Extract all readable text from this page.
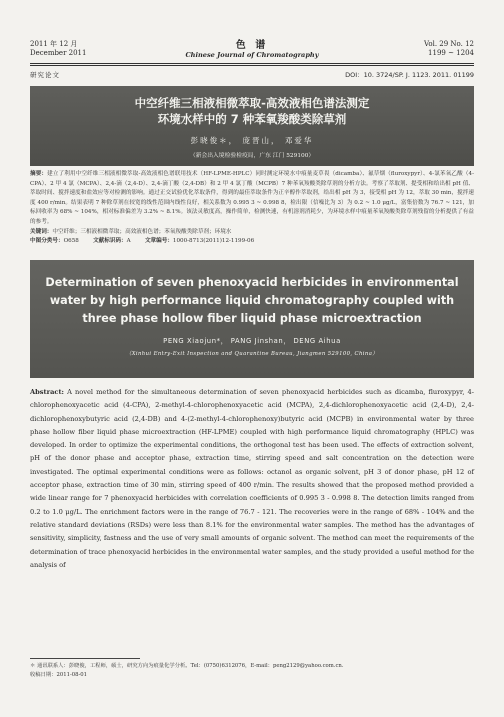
2011 年 12 月
December 2011
色 谱
Chinese Journal of Chromatography
Vol. 29 No. 12
1199 ~ 1204
研究论文	DOI：10. 3724/SP. J. 1123. 2011. 01199
中空纤维三相液相微萃取-高效液相色谱法测定
环境水样中的 7 种苯氧羧酸类除草剂
彭晓俊＊， 庞晋山， 邓爱华
（新会出入境检验检疫局，广东 江门 529100）

摘要：建立了利用中空纤维三相液相微萃取-高效液相色谱联用技术（HF-LPME-HPLC）同时测定环境水中痕量麦草畏（dicamba）、氟草烟（fluroxypyr）、4-氯苯氧乙酸（4-CPA）、2 甲 4 氯（MCPA）、2,4-滴（2,4-D）、2,4-滴丁酸（2,4-DB）和 2 甲 4 氯丁酸（MCPB）7 种苯氧羧酸类除草剂的分析方法。考察了萃取剂、提受相和给出相 pH 值、萃取时间、搅拌速度和盐效应等对检测的影响。通过正交试验优化萃取条件，得到的最佳萃取条件为正辛醇作萃取剂，给出相 pH 为 3，接受相 pH 为 12，萃取 30 min，搅拌速度 400 r/min。结果表明 7 种除草剂在较宽的线性范围内线性良好，相关系数为 0.995 3 ~ 0.998 8，检出限（信噪比为 3）为 0.2 ~ 1.0 μg/L，富集倍数为 76.7 ~ 121，加标回收率为 68% ~ 104%，相对标准偏差为 3.2% ~ 8.1%。该法灵敏度高，操作简单，检测快速，有机溶剂消耗少，为环境水样中痕量苯氧羧酸类除草剂残留的分析提供了有益的参考。

关键词：中空纤维；三相液相微萃取；高效液相色谱；苯氧羧酸类除草剂；环境水

中图分类号：O658	文献标识码：A	文章编号：1000-8713(2011)12-1199-06

Determination of seven phenoxyacid herbicides in environmental
water by high performance liquid chromatography coupled with
three phase hollow fiber liquid phase microextraction
PENG Xiaojun*， PANG Jinshan， DENG Aihua
（Xinhui Entry-Exit Inspection and Quarantine Bureau, Jiangmen 529100, China）

Abstract: A novel method for the simultaneous determination of seven phenoxyacid herbicides such as dicamba, fluroxypyr, 4-chlorophenoxyacetic acid (4-CPA), 2-methyl-4-chlorophenoxyacetic acid (MCPA), 2,4-dichlorophenoxyacetic acid (2,4-D), 2,4-dichlorophenoxybutyric acid (2,4-DB) and 4-(2-methyl-4-chlorophenoxy)butyric acid (MCPB) in environmental water by three phase hollow fiber liquid phase microextraction (HF-LPME) coupled with high performance liquid chromatography (HPLC) was developed. In order to optimize the experimental conditions, the orthogonal test has been used. The effects of extraction solvent, pH of the donor phase and acceptor phase, extraction time, stirring speed and salt concentration on the detection were investigated. The optimal experimental conditions were as follows: octanol as organic solvent, pH 3 of donor phase, pH 12 of acceptor phase, extraction time of 30 min, stirring speed of 400 r/min. The results showed that the proposed method provided a wide linear range for 7 phenoxyacid herbicides with correlation coefficients of 0.995 3 - 0.998 8. The detection limits ranged from 0.2 to 1.0 μg/L. The enrichment factors were in the range of 76.7 - 121. The recoveries were in the range of 68% - 104% and the relative standard deviations (RSDs) were less than 8.1% for the environmental water samples. The method has the advantages of sensitivity, simplicity, fastness and the use of very small amounts of organic solvent. The method can meet the requirements of the determination of trace phenoxyacid herbicides in the environmental water samples, and the study provided a useful method for the analysis of

＊ 通讯联系人：彭晓俊，工程师，硕士，研究方向为痕量化学分析。Tel：(0750)6312076，E-mail：peng2129@yahoo.com.cn.
收稿日期：2011-08-01
